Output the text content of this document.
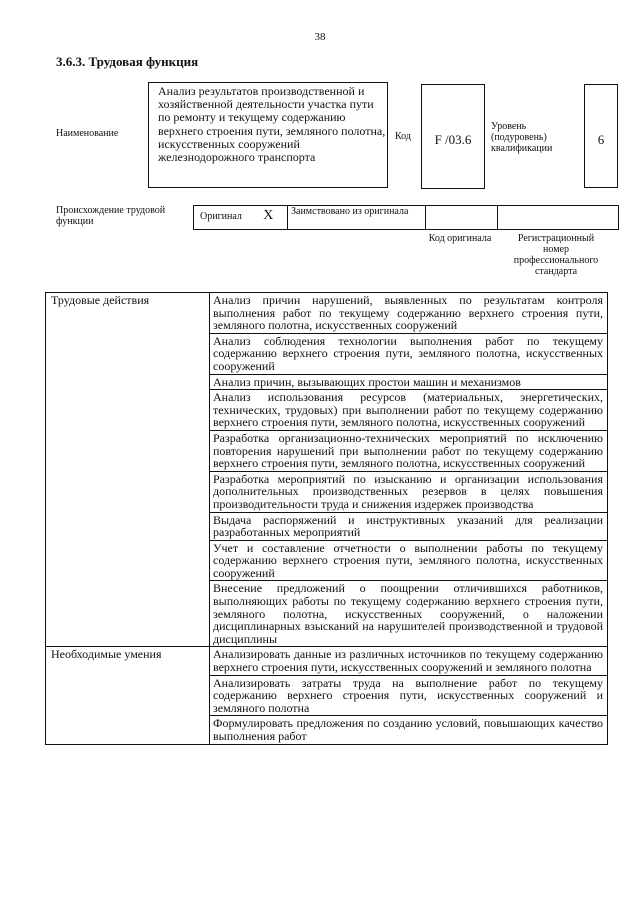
38
3.6.3. Трудовая функция
Наименование
Анализ результатов производственной и хозяйственной деятельности участка пути по ремонту и текущему содержанию верхнего строения пути, земляного полотна, искусственных сооружений железнодорожного транспорта
Код	F /03.6
Уровень (подуровень) квалификации
6
Происхождение трудовой функции	Оригинал	X	Заимствовано из оригинала		
Код оригинала	Регистрационный номер профессионального стандарта
Трудовые действия	Анализ причин нарушений, выявленных по результатам контроля выполнения работ по текущему содержанию верхнего строения пути, земляного полотна, искусственных сооружений
	Анализ соблюдения технологии выполнения работ по текущему содержанию верхнего строения пути, земляного полотна, искусственных сооружений
	Анализ причин, вызывающих простои машин и механизмов
	Анализ использования ресурсов (материальных, энергетических, технических, трудовых) при выполнении работ по текущему содержанию верхнего строения пути, земляного полотна, искусственных сооружений
	Разработка организационно-технических мероприятий по исключению повторения нарушений при выполнении работ по текущему содержанию верхнего строения пути, земляного полотна, искусственных сооружений
	Разработка мероприятий по изысканию и организации использования дополнительных производственных резервов в целях повышения производительности труда и снижения издержек производства
	Выдача распоряжений и инструктивных указаний для реализации разработанных мероприятий
	Учет и составление отчетности о выполнении работы по текущему содержанию верхнего строения пути, земляного полотна, искусственных сооружений
	Внесение предложений о поощрении отличившихся работников, выполняющих работы по текущему содержанию верхнего строения пути, земляного полотна, искусственных сооружений, о наложении дисциплинарных взысканий на нарушителей производственной и трудовой дисциплины
Необходимые умения	Анализировать данные из различных источников по текущему содержанию верхнего строения пути, искусственных сооружений и земляного полотна
	Анализировать затраты труда на выполнение работ по текущему содержанию верхнего строения пути, искусственных сооружений и земляного полотна
	Формулировать предложения по созданию условий, повышающих качество выполнения работ
